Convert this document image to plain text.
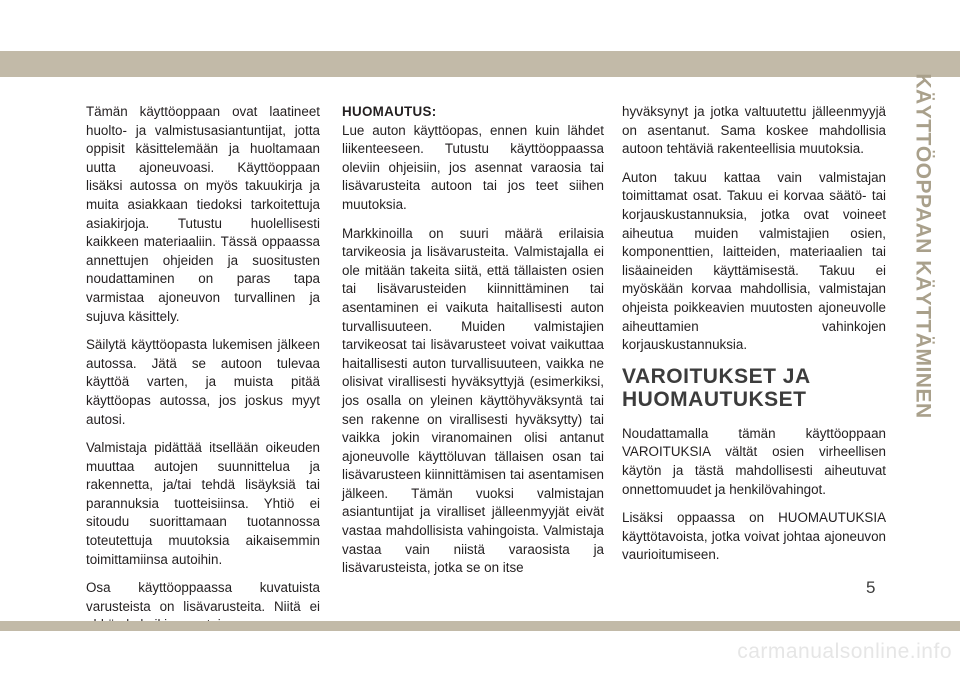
KÄYTTÖOPPAAN KÄYTTÄMINEN

Tämän käyttöoppaan ovat laatineet huolto- ja valmistusasiantuntijat, jotta oppisit käsittelemään ja huoltamaan uutta ajoneuvoasi. Käyttöoppaan lisäksi autossa on myös takuukirja ja muita asiakkaan tiedoksi tarkoitettuja asiakirjoja. Tutustu huolellisesti kaikkeen materiaaliin. Tässä oppaassa annettujen ohjeiden ja suositusten noudattaminen on paras tapa varmistaa ajoneuvon turvallinen ja sujuva käsittely.

Säilytä käyttöopasta lukemisen jälkeen autossa. Jätä se autoon tulevaa käyttöä varten, ja muista pitää käyttöopas autossa, jos joskus myyt autosi.

Valmistaja pidättää itsellään oikeuden muuttaa autojen suunnittelua ja rakennetta, ja/tai tehdä lisäyksiä tai parannuksia tuotteisiinsa. Yhtiö ei sitoudu suorittamaan tuotannossa toteutettuja muutoksia aikaisemmin toimittamiinsa autoihin.

Osa käyttöoppaassa kuvatuista varusteista on lisävarusteita. Niitä ei

HUOMAUTUS:
Lue auton käyttöopas, ennen kuin lähdet liikenteeseen. Tutustu käyttöoppaassa oleviin ohjeisiin, jos asennat varaosia tai lisävarusteita autoon tai jos teet siihen muutoksia.

Markkinoilla on suuri määrä erilaisia tarvikeosia ja lisävarusteita. Valmistajalla ei ole mitään takeita siitä, että tällaisten osien tai lisävarusteiden kiinnittäminen tai asentaminen ei vaikuta haitallisesti auton turvallisuuteen. Muiden valmistajien tarvikeosat tai lisävarusteet voivat vaikuttaa haitallisesti auton turvallisuuteen, vaikka ne olisivat virallisesti hyväksyttyjä (esimerkiksi, jos osalla on yleinen käyttöhyväksyntä tai sen rakenne on virallisesti hyväksytty) tai vaikka jokin viranomainen olisi antanut ajoneuvolle käyttöluvan tällaisen osan tai lisävarusteen kiinnittämisen tai asentamisen jälkeen. Tämän vuoksi valmistajan asiantuntijat ja viralliset jälleenmyyjät eivät vastaa mahdollisista vahingoista. Valmistaja vastaa vain niistä varaosista ja lisävarusteista, jotka se on itse

hyväksynyt ja jotka valtuutettu jälleenmyyjä on asentanut. Sama koskee mahdollisia autoon tehtäviä rakenteellisia muutoksia.

Auton takuu kattaa vain valmistajan toimittamat osat. Takuu ei korvaa säätö- tai korjauskustannuksia, jotka ovat voineet aiheutua muiden valmistajien osien, komponenttien, laitteiden, materiaalien tai lisäaineiden käyttämisestä. Takuu ei myöskään korvaa mahdollisia, valmistajan ohjeista poikkeavien muutosten ajoneuvolle aiheuttamien vahinkojen korjauskustannuksia.

VAROITUKSET JA
HUOMAUTUKSET

Noudattamalla tämän käyttöoppaan VAROITUKSIA vältät osien virheellisen käytön ja tästä mahdollisesti aiheutuvat onnettomuudet ja henkilövahingot.

Lisäksi oppaassa on HUOMAUTUKSIA käyttötavoista, jotka voivat johtaa ajoneuvon vaurioitumiseen.

5
carmanualsonline.info
